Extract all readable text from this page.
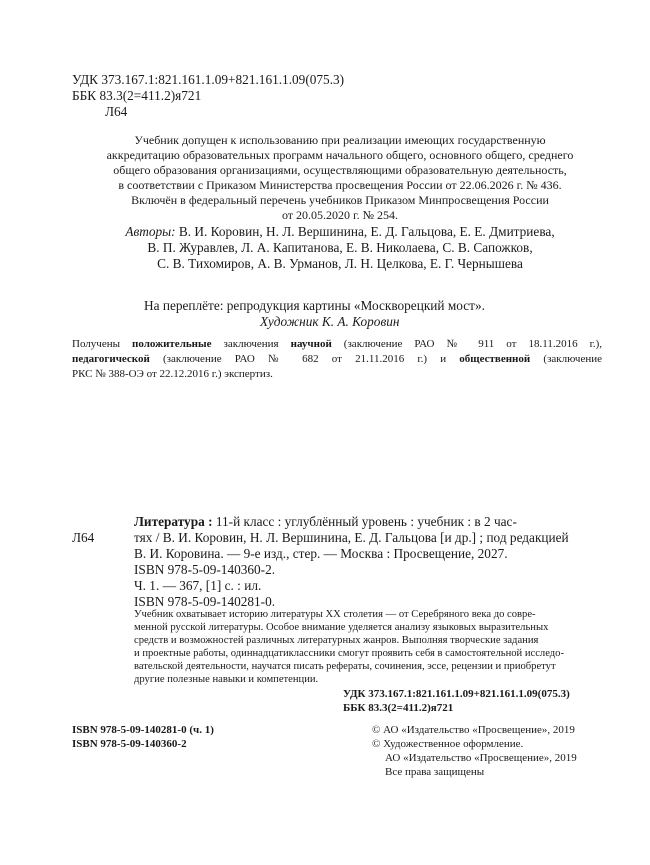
УДК 373.167.1:821.161.1.09+821.161.1.09(075.3)
ББК 83.3(2=411.2)я721
Л64
Учебник допущен к использованию при реализации имеющих государственную
аккредитацию образовательных программ начального общего, основного общего, среднего
общего образования организациями, осуществляющими образовательную деятельность,
в соответствии с Приказом Министерства просвещения России от 22.06.2026 г. № 436.
Включён в федеральный перечень учебников Приказом Минпросвещения России
от 20.05.2020 г. № 254.
Авторы: В. И. Коровин, Н. Л. Вершинина, Е. Д. Гальцова, Е. Е. Дмитриева,
В. П. Журавлев, Л. А. Капитанова, Е. В. Николаева, С. В. Сапожков,
С. В. Тихомиров, А. В. Урманов, Л. Н. Целкова, Е. Г. Чернышева
На переплёте: репродукция картины «Москворецкий мост».
Художник К. А. Коровин
Получены положительные заключения научной (заключение РАО № 911 от 18.11.2016 г.),
педагогической (заключение РАО № 682 от 21.11.2016 г.) и общественной (заключение
РКС № 388-ОЭ от 22.12.2016 г.) экспертиз.
Л64
Литература : 11-й класс : углублённый уровень : учебник : в 2 час-
тях / В. И. Коровин, Н. Л. Вершинина, Е. Д. Гальцова [и др.] ; под редакцией
В. И. Коровина. — 9-е изд., стер. — Москва : Просвещение, 2027.
ISBN 978-5-09-140360-2.
Ч. 1. — 367, [1] с. : ил.
ISBN 978-5-09-140281-0.
Учебник охватывает историю литературы XX столетия — от Серебряного века до совре-
менной русской литературы. Особое внимание уделяется анализу языковых выразительных
средств и возможностей различных литературных жанров. Выполняя творческие задания
и проектные работы, одиннадцатиклассники смогут проявить себя в самостоятельной исследо-
вательской деятельности, научатся писать рефераты, сочинения, эссе, рецензии и приобретут
другие полезные навыки и компетенции.
УДК 373.167.1:821.161.1.09+821.161.1.09(075.3)
ББК 83.3(2=411.2)я721
ISBN 978-5-09-140281-0 (ч. 1)
ISBN 978-5-09-140360-2
© АО «Издательство «Просвещение», 2019
© Художественное оформление.
АО «Издательство «Просвещение», 2019
Все права защищены
